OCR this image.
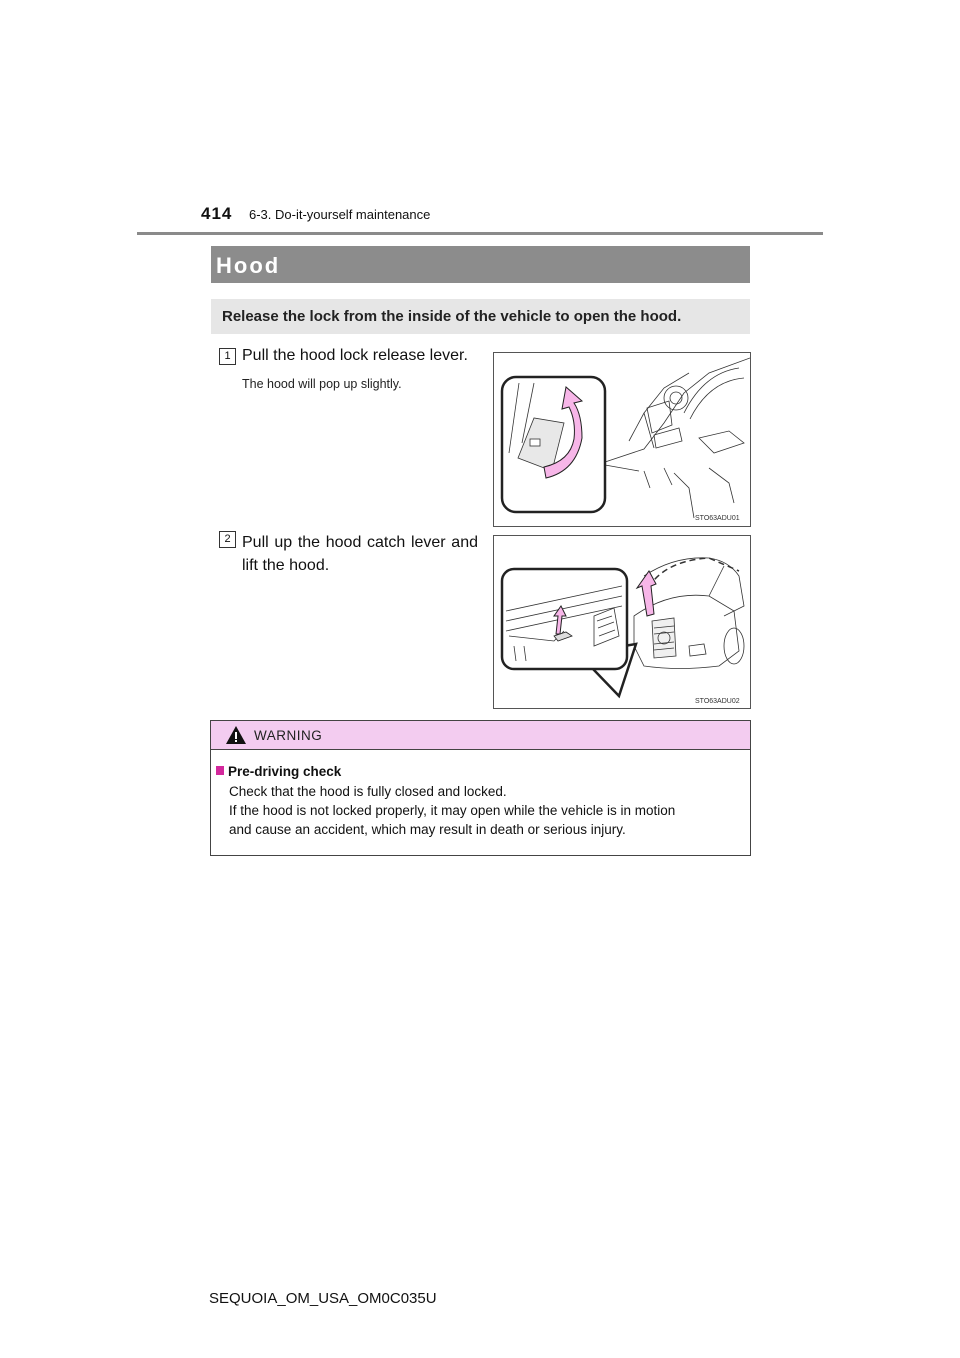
414 6-3. Do-it-yourself maintenance
Hood
Release the lock from the inside of the vehicle to open the hood.
1 Pull the hood lock release lever.
The hood will pop up slightly.
2 Pull up the hood catch lever and lift the hood.
STO63ADU01
STO63ADU02
WARNING
Pre-driving check
Check that the hood is fully closed and locked.
If the hood is not locked properly, it may open while the vehicle is in motion
and cause an accident, which may result in death or serious injury.
SEQUOIA_OM_USA_OM0C035U
